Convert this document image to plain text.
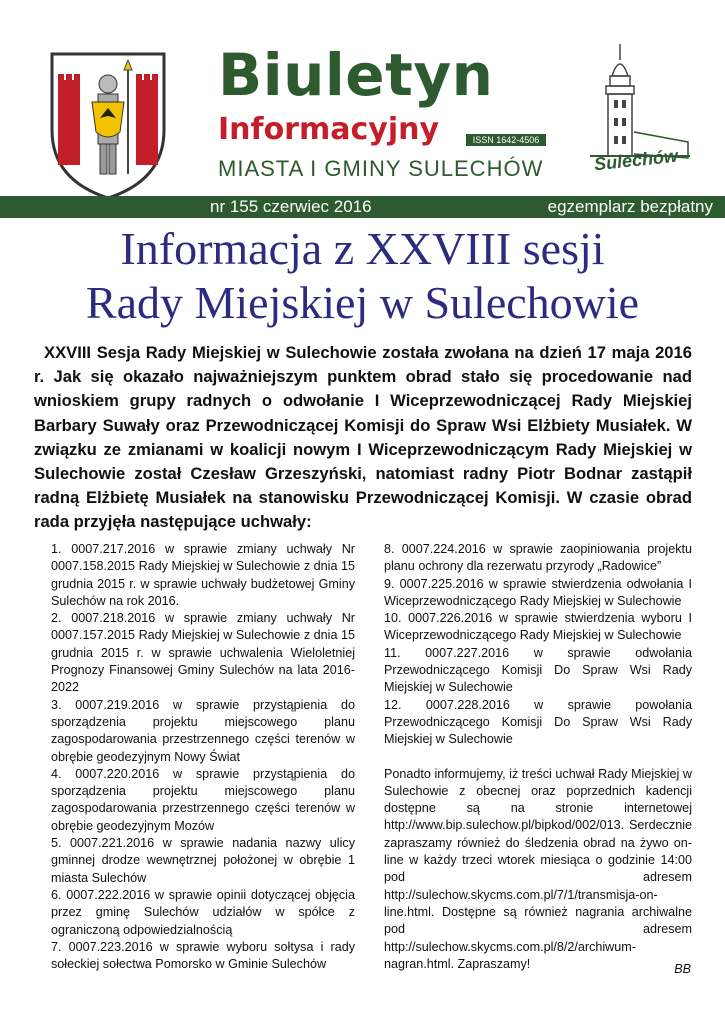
Biuletyn
Informacyjny	ISSN 1642-4506
MIASTA I GMINY SULECHÓW	Sulechów
nr 155 czerwiec 2016	egzemplarz bezpłatny
Informacja z XXVIII sesji
Rady Miejskiej w Sulechowie
XXVIII Sesja Rady Miejskiej w Sulechowie została zwołana na dzień 17 maja 2016 r. Jak się okazało najważniejszym punktem obrad stało się procedowanie nad wnioskiem grupy radnych o odwołanie I Wiceprzewodniczącej Rady Miejskiej Barbary Suwały oraz Przewodniczącej Komisji do Spraw Wsi Elżbiety Musiałek. W związku ze zmianami w koalicji nowym I Wiceprzewodniczącym Rady Miejskiej w Sulechowie został Czesław Grzeszyński, natomiast radny Piotr Bodnar zastąpił radną Elżbietę Musiałek na stanowisku Przewodniczącej Komisji. W czasie obrad rada przyjęła następujące uchwały:

1. 0007.217.2016 w sprawie zmiany uchwały Nr 0007.158.2015 Rady Miejskiej w Sulechowie z dnia 15 grudnia 2015 r. w sprawie uchwały budżetowej Gminy Sulechów na rok 2016.

2. 0007.218.2016 w sprawie zmiany uchwały Nr 0007.157.2015 Rady Miejskiej w Sulechowie z dnia 15 grudnia 2015 r. w sprawie uchwalenia Wieloletniej Prognozy Finansowej Gminy Sulechów na lata 2016-2022

3. 0007.219.2016 w sprawie przystąpienia do sporządzenia projektu miejscowego planu zagospodarowania przestrzennego części terenów w obrębie geodezyjnym Nowy Świat

4. 0007.220.2016 w sprawie przystąpienia do sporządzenia projektu miejscowego planu zagospodarowania przestrzennego części terenów w obrębie geodezyjnym Mozów

5. 0007.221.2016 w sprawie nadania nazwy ulicy gminnej drodze wewnętrznej położonej w obrębie 1 miasta Sulechów

6. 0007.222.2016 w sprawie opinii dotyczącej objęcia przez gminę Sulechów udziałów w spółce z ograniczoną odpowiedzialnością

7. 0007.223.2016 w sprawie wyboru sołtysa i rady sołeckiej sołectwa Pomorsko w Gminie Sulechów

8. 0007.224.2016 w sprawie zaopiniowania projektu planu ochrony dla rezerwatu przyrody „Radowice”

9. 0007.225.2016 w sprawie stwierdzenia odwołania I Wiceprzewodniczącego Rady Miejskiej w Sulechowie

10. 0007.226.2016 w sprawie stwierdzenia wyboru I Wiceprzewodniczącego Rady Miejskiej w Sulechowie

11. 0007.227.2016 w sprawie odwołania Przewodniczącego Komisji Do Spraw Wsi Rady Miejskiej w Sulechowie

12. 0007.228.2016 w sprawie powołania Przewodniczącego Komisji Do Spraw Wsi Rady Miejskiej w Sulechowie

Ponadto informujemy, iż treści uchwał Rady Miejskiej w Sulechowie z obecnej oraz poprzednich kadencji dostępne są na stronie internetowej http://www.bip.sulechow.pl/bipkod/002/013. Serdecznie zapraszamy również do śledzenia obrad na żywo on-line w każdy trzeci wtorek miesiąca o godzinie 14:00 pod adresem http://sulechow.skycms.com.pl/7/1/transmisja-on-line.html. Dostępne są również nagrania archiwalne pod adresem http://sulechow.skycms.com.pl/8/2/archiwum-nagran.html. Zapraszamy!	BB
